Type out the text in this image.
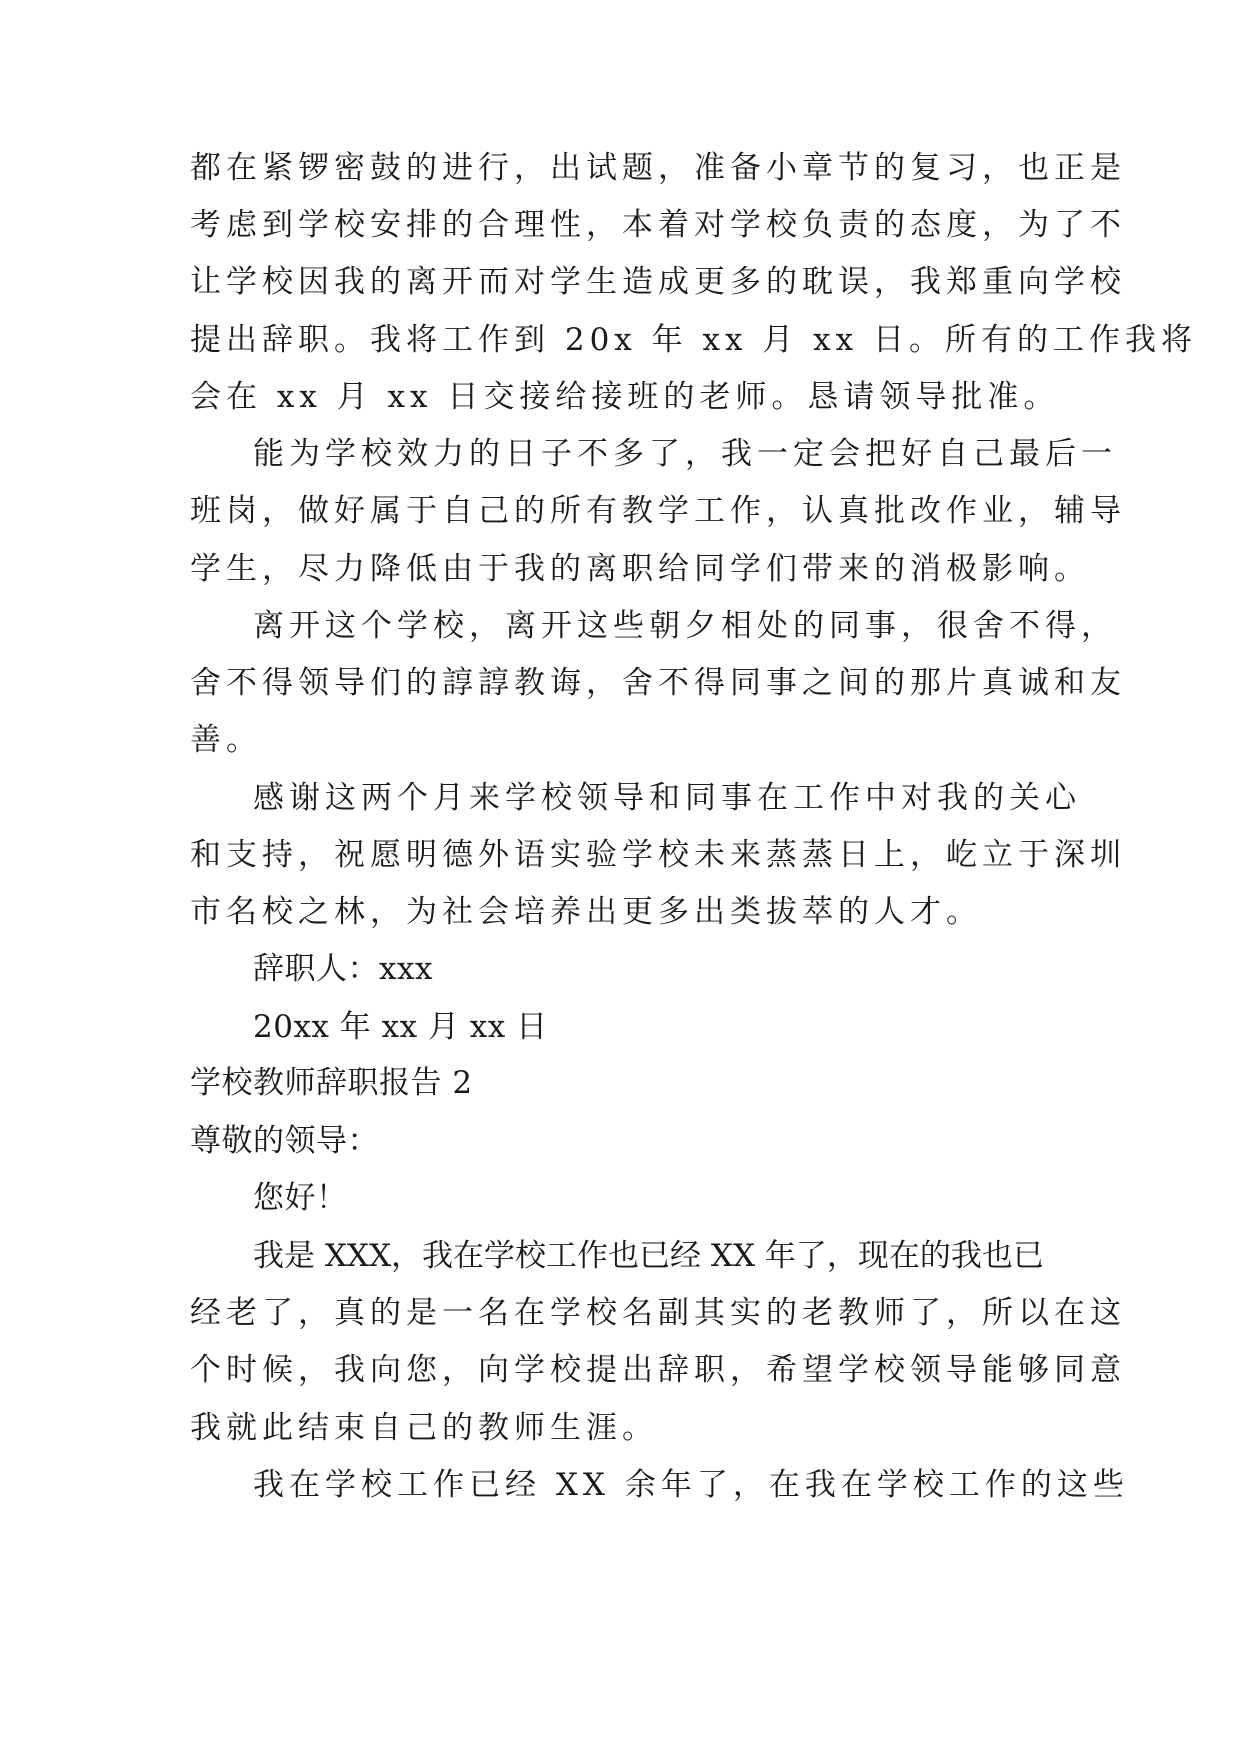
都在紧锣密鼓的进行，出试题，准备小章节的复习，也正是

考虑到学校安排的合理性，本着对学校负责的态度，为了不

让学校因我的离开而对学生造成更多的耽误，我郑重向学校

提出辞职。我将工作到 20x 年 xx 月 xx 日。所有的工作我将

会在 xx 月 xx 日交接给接班的老师。恳请领导批准。

能为学校效力的日子不多了，我一定会把好自己最后一

班岗，做好属于自己的所有教学工作，认真批改作业，辅导

学生，尽力降低由于我的离职给同学们带来的消极影响。

离开这个学校，离开这些朝夕相处的同事，很舍不得，

舍不得领导们的諄諄教诲，舍不得同事之间的那片真诚和友

善。

感谢这两个月来学校领导和同事在工作中对我的关心

和支持，祝愿明德外语实验学校未来蒸蒸日上，屹立于深圳

市名校之林，为社会培养出更多出类拔萃的人才。

辞职人：xxx

20xx 年 xx 月 xx 日

学校教师辞职报告 2

尊敬的领导：

您好！

我是 XXX，我在学校工作也已经 XX 年了，现在的我也已

经老了，真的是一名在学校名副其实的老教师了，所以在这

个时候，我向您，向学校提出辞职，希望学校领导能够同意

我就此结束自己的教师生涯。

我在学校工作已经 XX 余年了，在我在学校工作的这些
